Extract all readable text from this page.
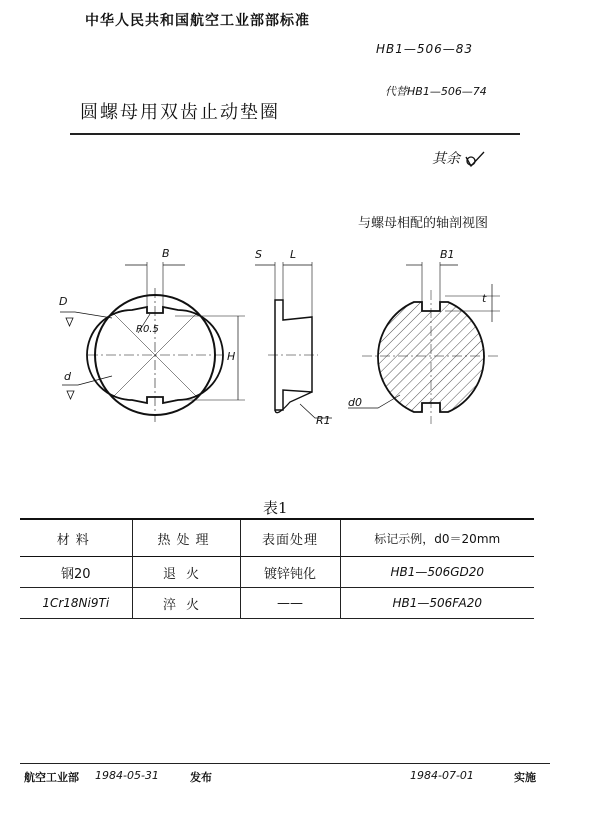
中华人民共和国航空工业部部标准
HB1—506—83
代替HB1—506—74
圆螺母用双齿止动垫圈
其余
与螺母相配的轴剖视图
B	S	L	B1
t
D
R0.5
H
d
R1
d0
表1
材料	热处理	表面处理	标记示例，d0＝20mm
钢20	退火	镀锌钝化	HB1—506GD20
1Cr18Ni9Ti	淬火	——	HB1—506FA20
航空工业部 1984-05-31	发布	1984-07-01	实施
